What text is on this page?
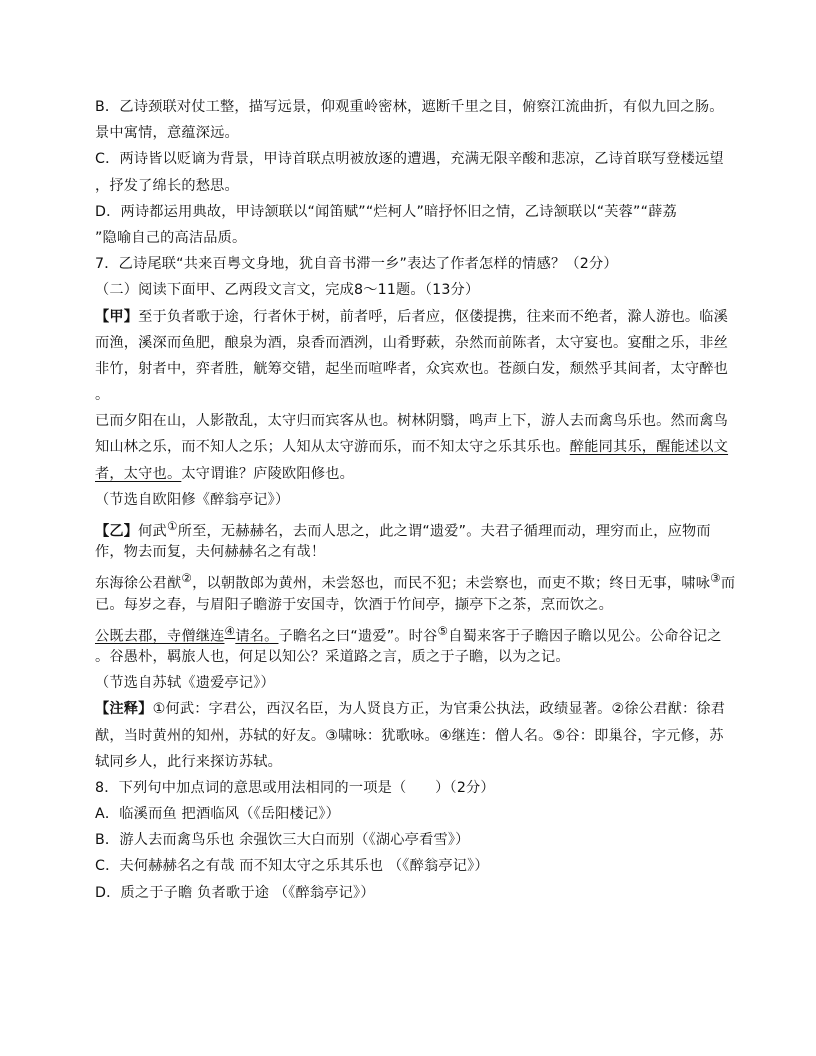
B．乙诗颈联对仗工整，描写远景，仰观重岭密林，遮断千里之目，俯察江流曲折，有似九回之肠。
景中寓情，意蕴深远。
C．两诗皆以贬谪为背景，甲诗首联点明被放逐的遭遇，充满无限辛酸和悲凉，乙诗首联写登楼远望
，抒发了绵长的愁思。
D．两诗都运用典故，甲诗颔联以“闻笛赋”“烂柯人”暗抒怀旧之情，乙诗颔联以“芙蓉”“薜荔
”隐喻自己的高洁品质。
7．乙诗尾联“共来百粤文身地，犹自音书滞一乡”表达了作者怎样的情感？（2分）
（二）阅读下面甲、乙两段文言文，完成8～11题。（13分）
【甲】至于负者歌于途，行者休于树，前者呼，后者应，伛偻提携，往来而不绝者，滁人游也。临溪
而渔，溪深而鱼肥，酿泉为酒，泉香而酒洌，山肴野蔌，杂然而前陈者，太守宴也。宴酣之乐，非丝
非竹，射者中，弈者胜，觥筹交错，起坐而喧哗者，众宾欢也。苍颜白发，颓然乎其间者，太守醉也
。
已而夕阳在山，人影散乱，太守归而宾客从也。树林阴翳，鸣声上下，游人去而禽鸟乐也。然而禽鸟
知山林之乐，而不知人之乐；人知从太守游而乐，而不知太守之乐其乐也。醉能同其乐，醒能述以文
者，太守也。太守谓谁？庐陵欧阳修也。
（节选自欧阳修《醉翁亭记》）
【乙】何武①所至，无赫赫名，去而人思之，此之谓“遗爱”。夫君子循理而动，理穷而止，应物而
作，物去而复，夫何赫赫名之有哉！
东海徐公君猷②，以朝散郎为黄州，未尝怒也，而民不犯；未尝察也，而吏不欺；终日无事，啸咏③而
已。每岁之春，与眉阳子瞻游于安国寺，饮酒于竹间亭，撷亭下之茶，烹而饮之。
公既去郡，寺僧继连④请名。子瞻名之曰“遗爱”。时谷⑤自蜀来客于子瞻因子瞻以见公。公命谷记之
。谷愚朴，羁旅人也，何足以知公？采道路之言，质之于子瞻，以为之记。
（节选自苏轼《遗爱亭记》）
【注释】①何武：字君公，西汉名臣，为人贤良方正，为官秉公执法，政绩显著。②徐公君猷：徐君
猷，当时黄州的知州，苏轼的好友。③啸咏：犹歌咏。④继连：僧人名。⑤谷：即巢谷，字元修，苏
轼同乡人，此行来探访苏轼。
8．下列句中加点词的意思或用法相同的一项是（　　）（2分）
A．临溪而鱼 把酒临风（《岳阳楼记》）
B．游人去而禽鸟乐也 余强饮三大白而别（《湖心亭看雪》）
C．夫何赫赫名之有哉 而不知太守之乐其乐也 （《醉翁亭记》）
D．质之于子瞻 负者歌于途 （《醉翁亭记》）
